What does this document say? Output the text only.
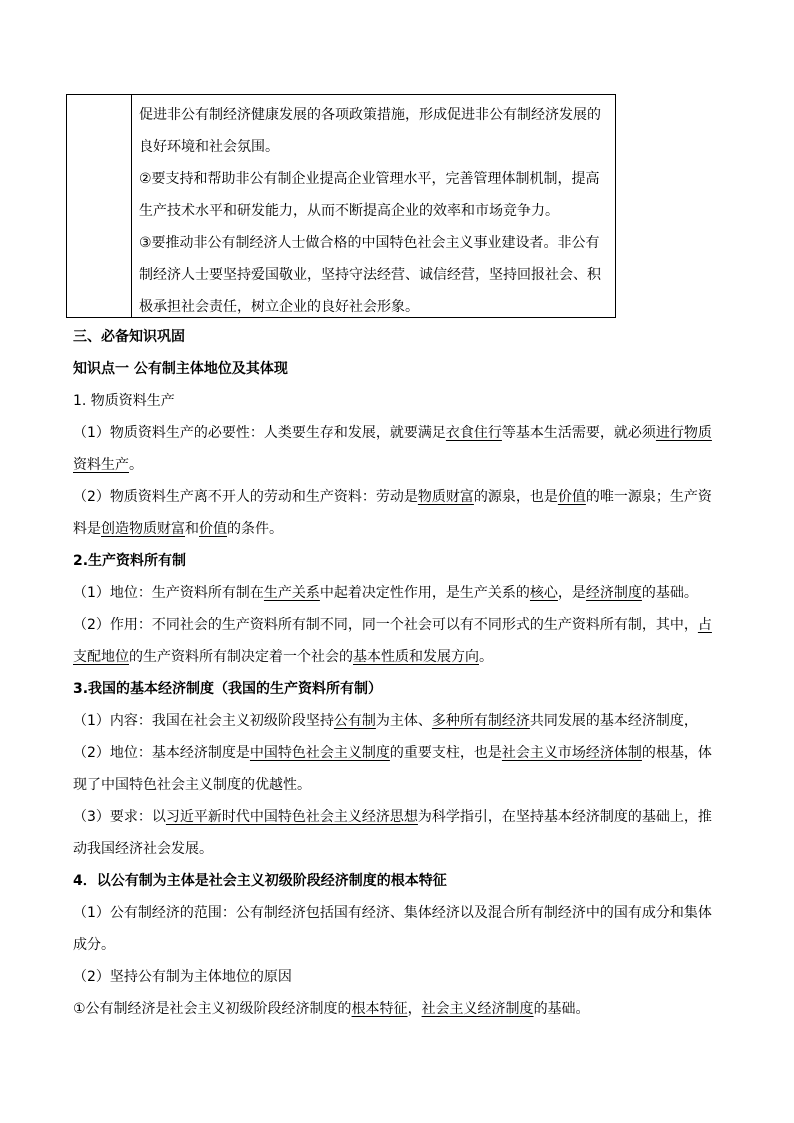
促进非公有制经济健康发展的各项政策措施，形成促进非公有制经济发展的良好环境和社会氛围。

②要支持和帮助非公有制企业提高企业管理水平，完善管理体制机制，提高生产技术水平和研发能力，从而不断提高企业的效率和市场竞争力。

③要推动非公有制经济人士做合格的中国特色社会主义事业建设者。非公有制经济人士要坚持爱国敬业，坚持守法经营、诚信经营，坚持回报社会、积极承担社会责任，树立企业的良好社会形象。

三、必备知识巩固

知识点一 公有制主体地位及其体现

1. 物质资料生产

（1）物质资料生产的必要性：人类要生存和发展，就要满足衣食住行等基本生活需要，就必须进行物质资料生产。

（2）物质资料生产离不开人的劳动和生产资料：劳动是物质财富的源泉，也是价值的唯一源泉；生产资料是创造物质财富和价值的条件。

2.生产资料所有制

（1）地位：生产资料所有制在生产关系中起着决定性作用，是生产关系的核心，是经济制度的基础。

（2）作用：不同社会的生产资料所有制不同，同一个社会可以有不同形式的生产资料所有制，其中，占支配地位的生产资料所有制决定着一个社会的基本性质和发展方向。

3.我国的基本经济制度（我国的生产资料所有制）

（1）内容：我国在社会主义初级阶段坚持公有制为主体、多种所有制经济共同发展的基本经济制度，

（2）地位：基本经济制度是中国特色社会主义制度的重要支柱，也是社会主义市场经济体制的根基，体现了中国特色社会主义制度的优越性。

（3）要求：以习近平新时代中国特色社会主义经济思想为科学指引，在坚持基本经济制度的基础上，推动我国经济社会发展。

4．以公有制为主体是社会主义初级阶段经济制度的根本特征

（1）公有制经济的范围：公有制经济包括国有经济、集体经济以及混合所有制经济中的国有成分和集体成分。

（2）坚持公有制为主体地位的原因

①公有制经济是社会主义初级阶段经济制度的根本特征，社会主义经济制度的基础。
